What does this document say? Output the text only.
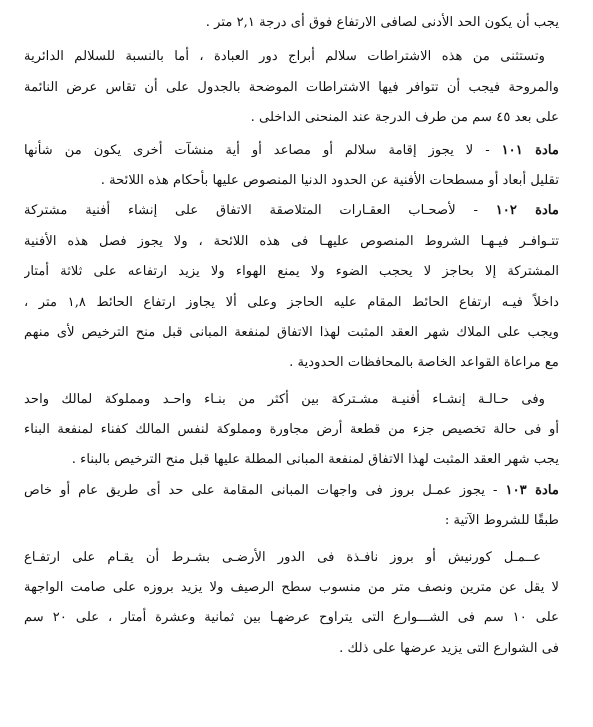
يجب أن يكون الحد الأدنى لصافى الارتفاع فوق أى درجة ٢,١ متر .
وتستثنى من هذه الاشتراطات سلالم أبراج دور العبادة ، أما بالنسبة للسلالم الدائرية
والمروحة فيجب أن تتوافر فيها الاشتراطات الموضحة بالجدول على أن تقاس عرض النائمة
على بعد ٤٥ سم من طرف الدرجة عند المنحنى الداخلى .
مادة ١٠١ - لا يجوز إقامة سلالم أو مصاعد أو أية منشآت أخرى يكون من شأنها
تقليل أبعاد أو مسطحات الأفنية عن الحدود الدنيا المنصوص عليها بأحكام هذه اللائحة .
مادة ١٠٢ - لأصحـاب العقـارات المتلاصقة الاتفاق على إنشاء أفنية مشتركة
تتـوافـر فيـهـا الشروط المنصوص عليهـا فى هذه اللائحة ، ولا يجوز فصل هذه الأفنية
المشتركة إلا بحاجز لا يحجب الضوء ولا يمنع الهواء ولا يزيد ارتفاعه على ثلاثة أمتار
داخلاً فيـه ارتفاع الحائط المقام عليه الحاجز وعلى ألا يجاوز ارتفاع الحائط ١,٨ متر ،
ويجب على الملاك شهر العقد المثبت لهذا الاتفاق لمنفعة المبانى قبل منح الترخيص لأى منهم
مع مراعاة القواعد الخاصة بالمحافظات الحدودية .
وفى حـالـة إنشـاء أفنيـة مشـتركة بين أكثر من بنـاء واحـد ومملوكة لمالك واحد
أو فى حالة تخصيص جزء من قطعة أرض مجاورة ومملوكة لنفس المالك كفناء لمنفعة البناء
يجب شهر العقد المثبت لهذا الاتفاق لمنفعة المبانى المطلة عليها قبل منح الترخيص بالبناء .
مادة ١٠٣ - يجوز عمـل بروز فى واجهات المبانى المقامة على حد أى طريق عام أو خاص
طبقًا للشروط الآتية :
عــمـل كورنيش أو بروز نافـذة فى الدور الأرضـى بشـرط أن يقـام على ارتفـاع
لا يقل عن مترين ونصف متر من منسوب سطح الرصيف ولا يزيد بروزه على صامت الواجهة
على ١٠ سم فى الشـــوارع التى يتراوح عرضهـا بين ثمانية وعشرة أمتار ، على ٢٠ سم
فى الشوارع التى يزيد عرضها على ذلك .
